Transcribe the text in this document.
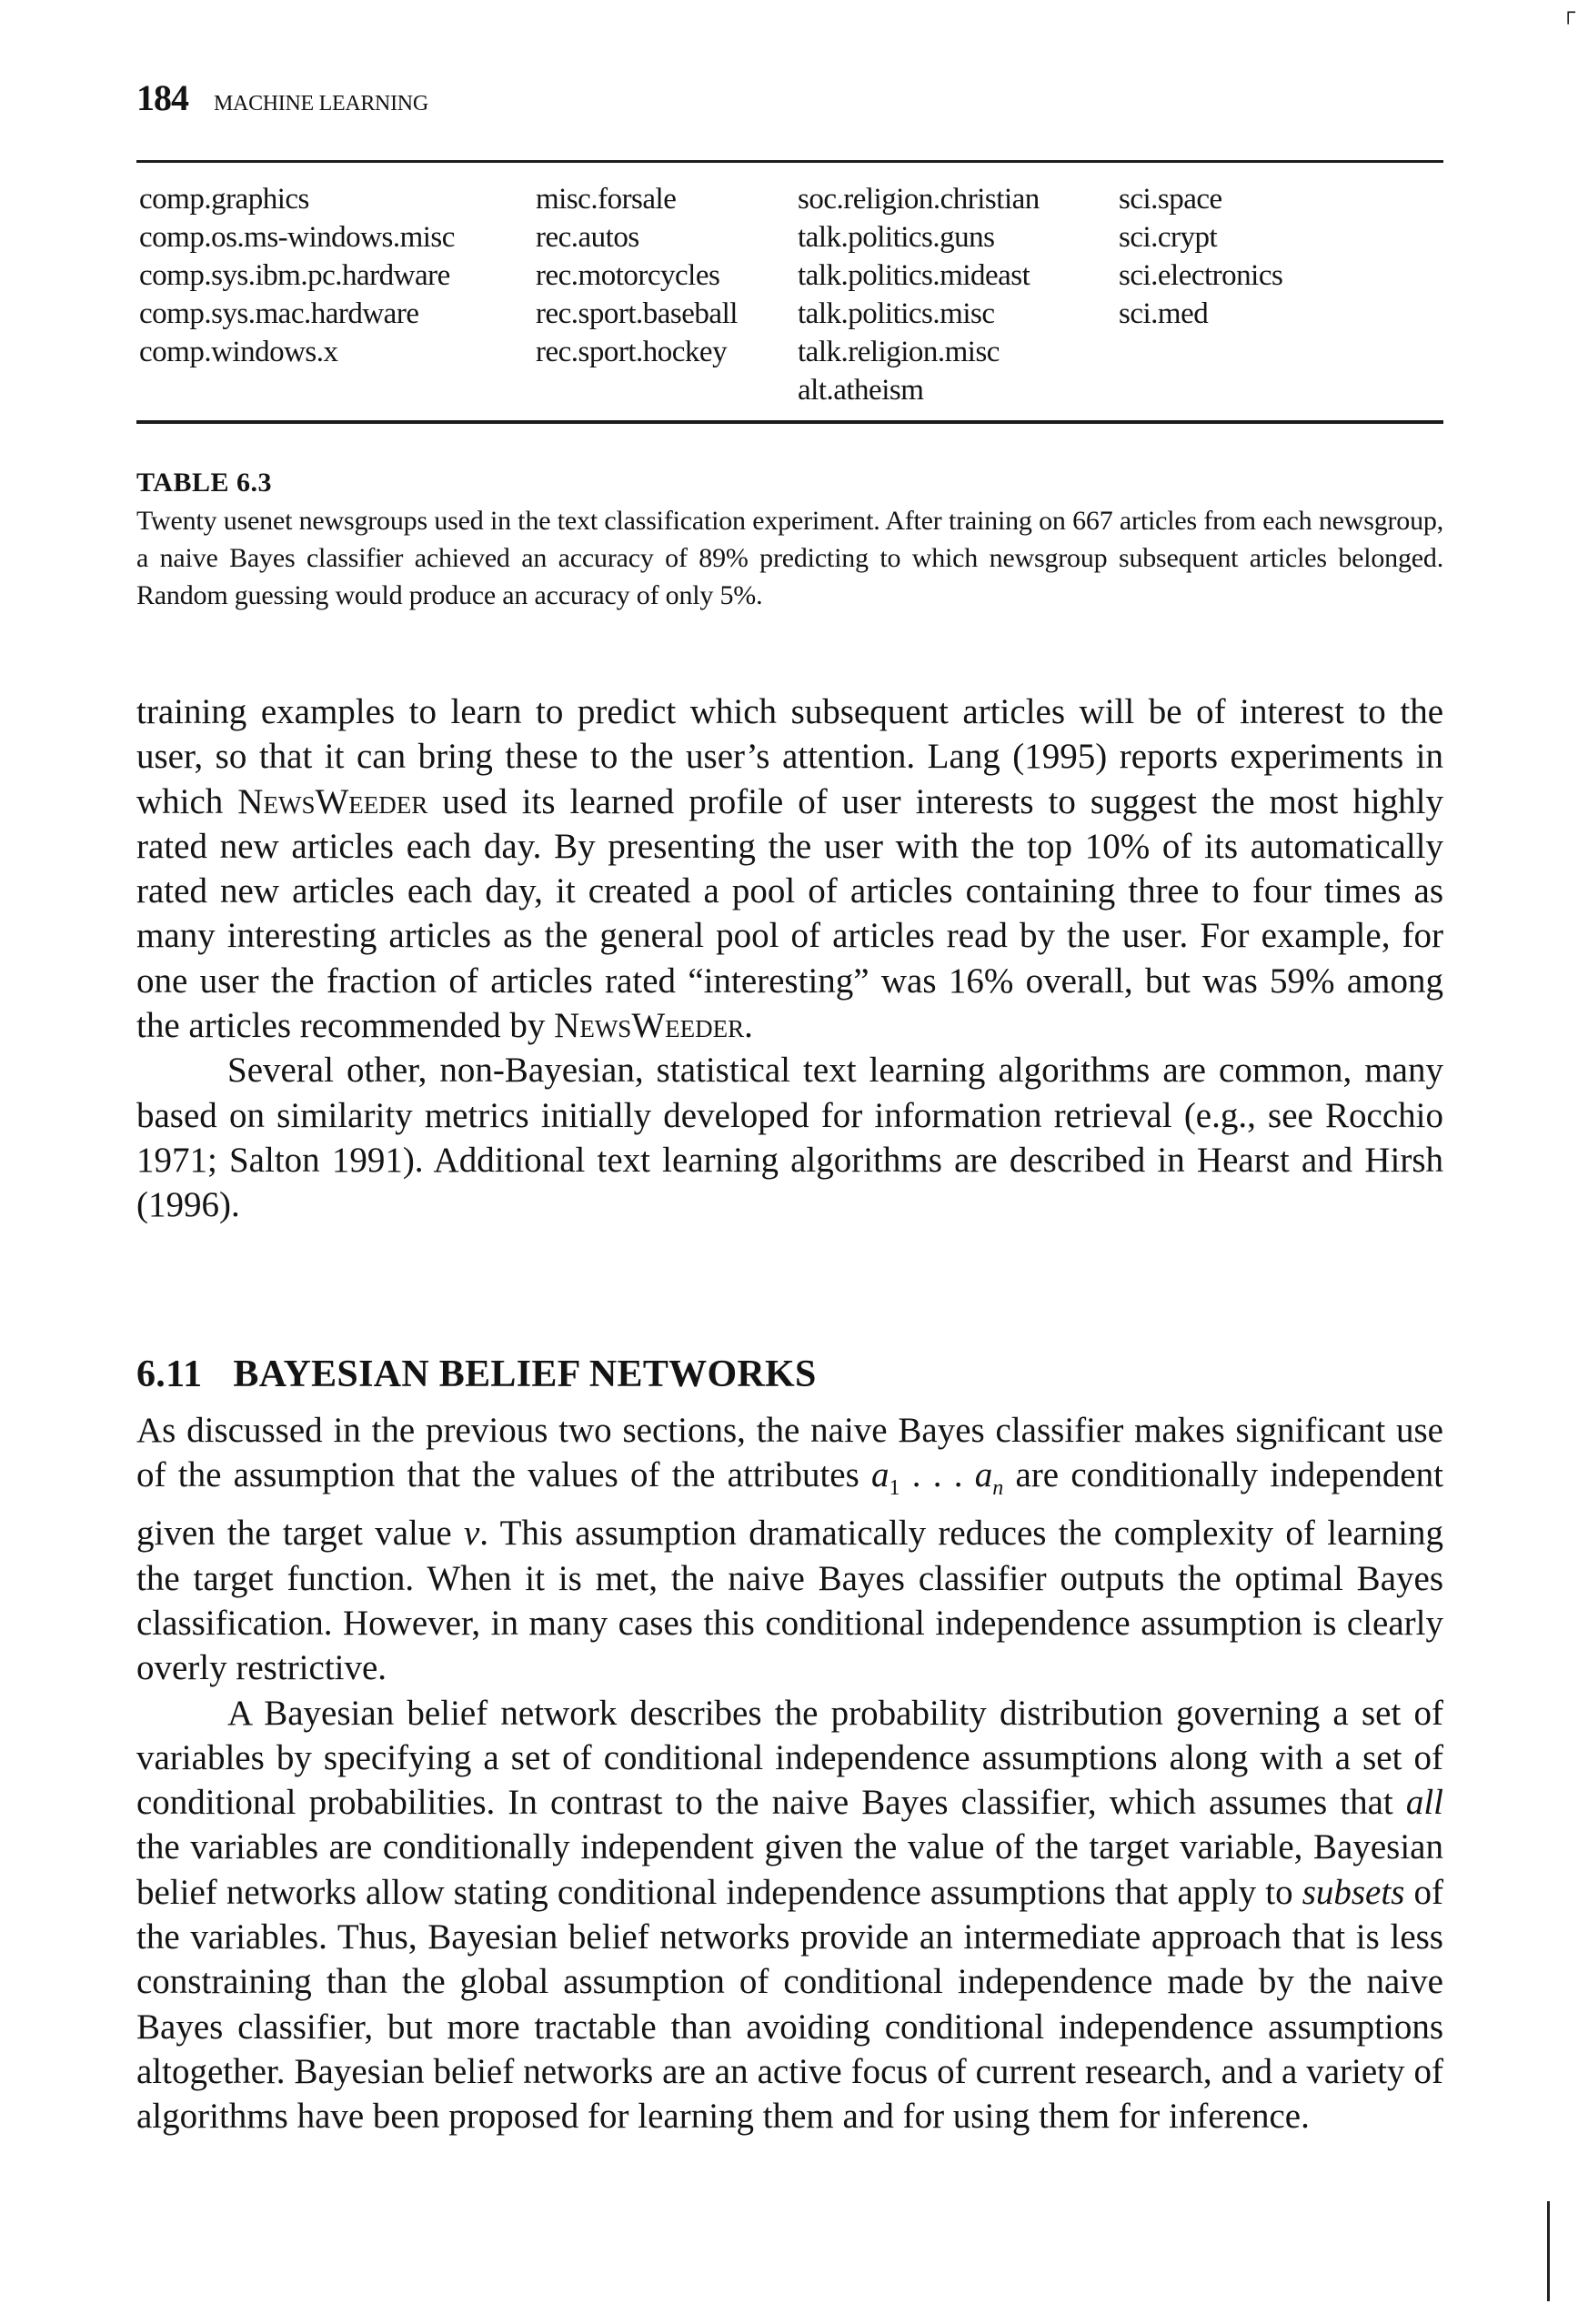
┌
184 MACHINE LEARNING
comp.graphics
comp.os.ms-windows.misc
comp.sys.ibm.pc.hardware
comp.sys.mac.hardware
comp.windows.x
misc.forsale
rec.autos
rec.motorcycles
rec.sport.baseball
rec.sport.hockey
soc.religion.christian
talk.politics.guns
talk.politics.mideast
talk.politics.misc
talk.religion.misc
alt.atheism
sci.space
sci.crypt
sci.electronics
sci.med
TABLE 6.3
Twenty usenet newsgroups used in the text classification experiment. After training on 667 articles from each newsgroup, a naive Bayes classifier achieved an accuracy of 89% predicting to which newsgroup subsequent articles belonged. Random guessing would produce an accuracy of only 5%.

training examples to learn to predict which subsequent articles will be of interest to the user, so that it can bring these to the user’s attention. Lang (1995) reports experiments in which NewsWeeder used its learned profile of user interests to suggest the most highly rated new articles each day. By presenting the user with the top 10% of its automatically rated new articles each day, it created a pool of articles containing three to four times as many interesting articles as the general pool of articles read by the user. For example, for one user the fraction of articles rated “interesting” was 16% overall, but was 59% among the articles recommended by NewsWeeder.

Several other, non-Bayesian, statistical text learning algorithms are common, many based on similarity metrics initially developed for information retrieval (e.g., see Rocchio 1971; Salton 1991). Additional text learning algorithms are described in Hearst and Hirsh (1996).

6.11 BAYESIAN BELIEF NETWORKS

As discussed in the previous two sections, the naive Bayes classifier makes significant use of the assumption that the values of the attributes $a_1$ . . . $a_n$ are conditionally independent given the target value v. This assumption dramatically reduces the complexity of learning the target function. When it is met, the naive Bayes classifier outputs the optimal Bayes classification. However, in many cases this conditional independence assumption is clearly overly restrictive.

A Bayesian belief network describes the probability distribution governing a set of variables by specifying a set of conditional independence assumptions along with a set of conditional probabilities. In contrast to the naive Bayes classifier, which assumes that all the variables are conditionally independent given the value of the target variable, Bayesian belief networks allow stating conditional independence assumptions that apply to subsets of the variables. Thus, Bayesian belief networks provide an intermediate approach that is less constraining than the global assumption of conditional independence made by the naive Bayes classifier, but more tractable than avoiding conditional independence assumptions altogether. Bayesian belief networks are an active focus of current research, and a variety of algorithms have been proposed for learning them and for using them for inference.
